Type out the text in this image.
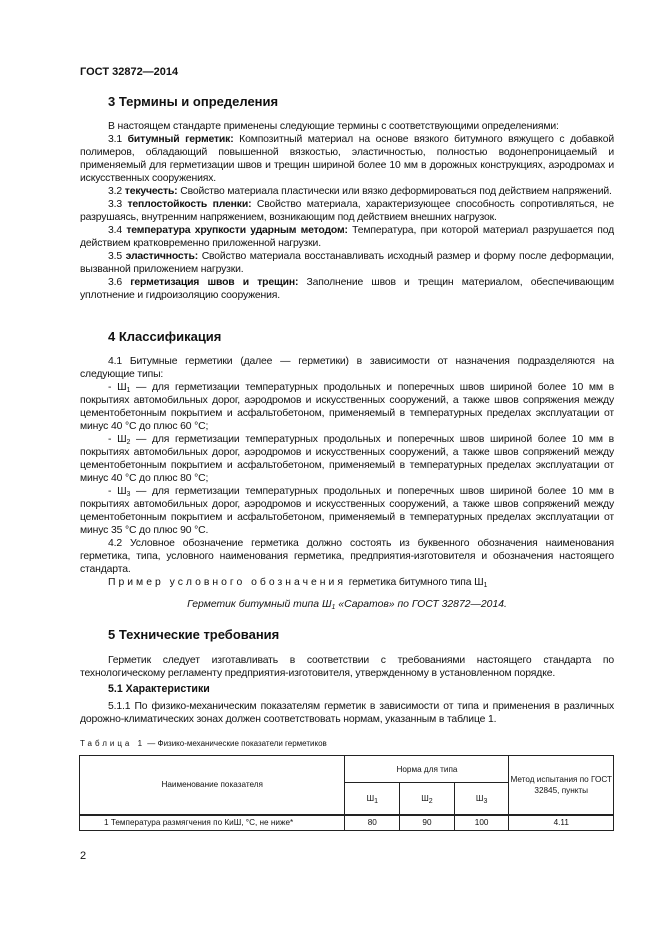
ГОСТ 32872—2014
3 Термины и определения

В настоящем стандарте применены следующие термины с соответствующими определениями:

3.1 битумный герметик: Композитный материал на основе вязкого битумного вяжущего с добавкой полимеров, обладающий повышенной вязкостью, эластичностью, полностью водонепроницаемый и применяемый для герметизации швов и трещин шириной более 10 мм в дорожных конструкциях, аэродромах и искусственных сооружениях.

3.2 текучесть: Свойство материала пластически или вязко деформироваться под действием напряжений.

3.3 теплостойкость пленки: Свойство материала, характеризующее способность сопротивляться, не разрушаясь, внутренним напряжением, возникающим под действием внешних нагрузок.

3.4 температура хрупкости ударным методом: Температура, при которой материал разрушается под действием кратковременно приложенной нагрузки.

3.5 эластичность: Свойство материала восстанавливать исходный размер и форму после деформации, вызванной приложением нагрузки.

3.6 герметизация швов и трещин: Заполнение швов и трещин материалом, обеспечивающим уплотнение и гидроизоляцию сооружения.

4 Классификация

4.1 Битумные герметики (далее — герметики) в зависимости от назначения подразделяются на следующие типы:

- $Ш_1$ — для герметизации температурных продольных и поперечных швов шириной более 10 мм в покрытиях автомобильных дорог, аэродромов и искусственных сооружений, а также швов сопряжения между цементобетонным покрытием и асфальтобетоном, применяемый в температурных пределах эксплуатации от минус 40 °С до плюс 60 °С;

- $Ш_2$ — для герметизации температурных продольных и поперечных швов шириной более 10 мм в покрытиях автомобильных дорог, аэродромов и искусственных сооружений, а также швов сопряжений между цементобетонным покрытием и асфальтобетоном, применяемый в температурных пределах эксплуатации от минус 40 °С до плюс 80 °С;

- $Ш_3$ — для герметизации температурных продольных и поперечных швов шириной более 10 мм в покрытиях автомобильных дорог, аэродромов и искусственных сооружений, а также швов сопряжений между цементобетонным покрытием и асфальтобетоном, применяемый в температурных пределах эксплуатации от минус 35 °С до плюс 90 °С.

4.2 Условное обозначение герметика должно состоять из буквенного обозначения наименования герметика, типа, условного наименования герметика, предприятия-изготовителя и обозначения настоящего стандарта.

Пример условного обозначения герметика битумного типа $Ш_1$

Герметик битумный типа $Ш_1$ «Саратов» по ГОСТ 32872—2014.
5 Технические требования

Герметик следует изготавливать в соответствии с требованиями настоящего стандарта по технологическому регламенту предприятия-изготовителя, утвержденному в установленном порядке.

5.1 Характеристики

5.1.1 По физико-механическим показателям герметик в зависимости от типа и применения в различных дорожно-климатических зонах должен соответствовать нормам, указанным в таблице 1.

Таблица 1 — Физико-механические показатели герметиков
Наименование показателя	Норма для типа			Метод испытания по ГОСТ 32845, пункты
	$Ш_1$	$Ш_2$	$Ш_3$
1 Температура размягчения по КиШ, °С, не ниже*	80	90	100	4.11
2
